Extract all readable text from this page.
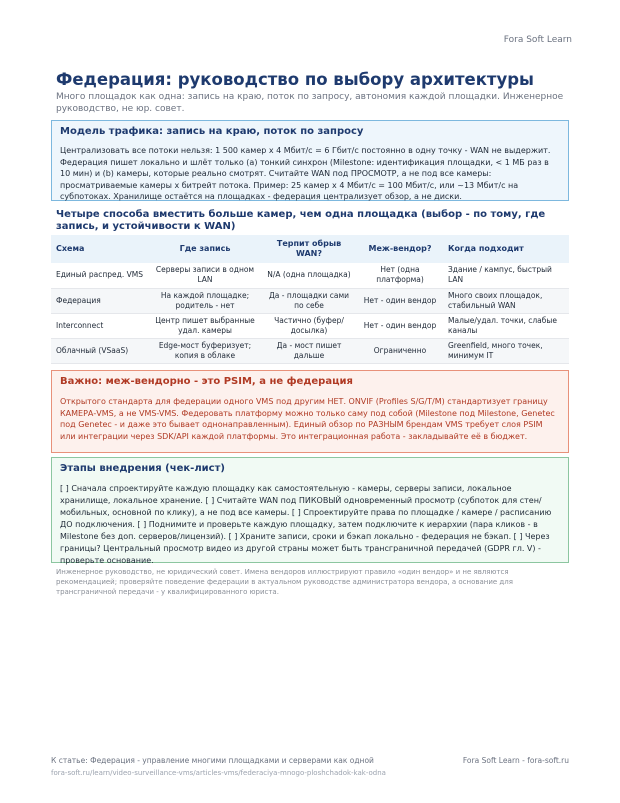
Fora Soft Learn
Федерация: руководство по выбору архитектуры
Много площадок как одна: запись на краю, поток по запросу, автономия каждой площадки. Инженерное руководство, не юр. совет.
Модель трафика: запись на краю, поток по запросу
Централизовать все потоки нельзя: 1 500 камер x 4 Мбит/с = 6 Гбит/с постоянно в одну точку - WAN не выдержит. Федерация пишет локально и шлёт только (а) тонкий синхрон (Milestone: идентификация площадки, < 1 МБ раз в 10 мин) и (b) камеры, которые реально смотрят. Считайте WAN под ПРОСМОТР, а не под все камеры: просматриваемые камеры х битрейт потока. Пример: 25 камер х 4 Мбит/с = 100 Мбит/с, или ~13 Мбит/с на субпотоках. Хранилище остаётся на площадках - федерация централизует обзор, а не диски.
Четыре способа вместить больше камер, чем одна площадка (выбор - по тому, где запись, и устойчивости к WAN)
Схема	Где запись	Терпит обрыв WAN?	Меж-вендор?	Когда подходит
Единый распред. VMS	Серверы записи в одном LAN	N/A (одна площадка)	Нет (одна платформа)	Здание / кампус, быстрый LAN
Федерация	На каждой площадке; родитель - нет	Да - площадки сами по себе	Нет - один вендор	Много своих площадок, стабильный WAN
Interconnect	Центр пишет выбранные удал. камеры	Частично (буфер/досылка)	Нет - один вендор	Малые/удал. точки, слабые каналы
Облачный (VSaaS)	Edge-мост буферизует; копия в облаке	Да - мост пишет дальше	Ограниченно	Greenfield, много точек, минимум IT
Важно: меж-вендорно - это PSIM, а не федерация
Открытого стандарта для федерации одного VMS под другим НЕТ. ONVIF (Profiles S/G/T/M) стандартизует границу КАМЕРА-VMS, а не VMS-VMS. Федеровать платформу можно только саму под собой (Milestone под Milestone, Genetec под Genetec - и даже это бывает однонаправленным). Единый обзор по РАЗНЫМ брендам VMS требует слоя PSIM или интеграции через SDK/API каждой платформы. Это интеграционная работа - закладывайте её в бюджет.
Этапы внедрения (чек-лист)
[ ] Сначала спроектируйте каждую площадку как самостоятельную - камеры, серверы записи, локальное хранилище, локальное хранение. [ ] Считайте WAN под ПИКОВЫЙ одновременный просмотр (субпоток для стен/мобильных, основной по клику), а не под все камеры. [ ] Спроектируйте права по площадке / камере / расписанию ДО подключения. [ ] Поднимите и проверьте каждую площадку, затем подключите к иерархии (пара кликов - в Milestone без доп. серверов/лицензий). [ ] Храните записи, сроки и бэкап локально - федерация не бэкап. [ ] Через границы? Центральный просмотр видео из другой страны может быть трансграничной передачей (GDPR гл. V) - проверьте основание.
Инженерное руководство, не юридический совет. Имена вендоров иллюстрируют правило «один вендор» и не являются рекомендацией; проверяйте поведение федерации в актуальном руководстве администратора вендора, а основание для трансграничной передачи - у квалифицированного юриста.
К статье: Федерация - управление многими площадками и серверами как одной	Fora Soft Learn - fora-soft.ru
fora-soft.ru/learn/video-surveillance-vms/articles-vms/federaciya-mnogo-ploshchadok-kak-odna
